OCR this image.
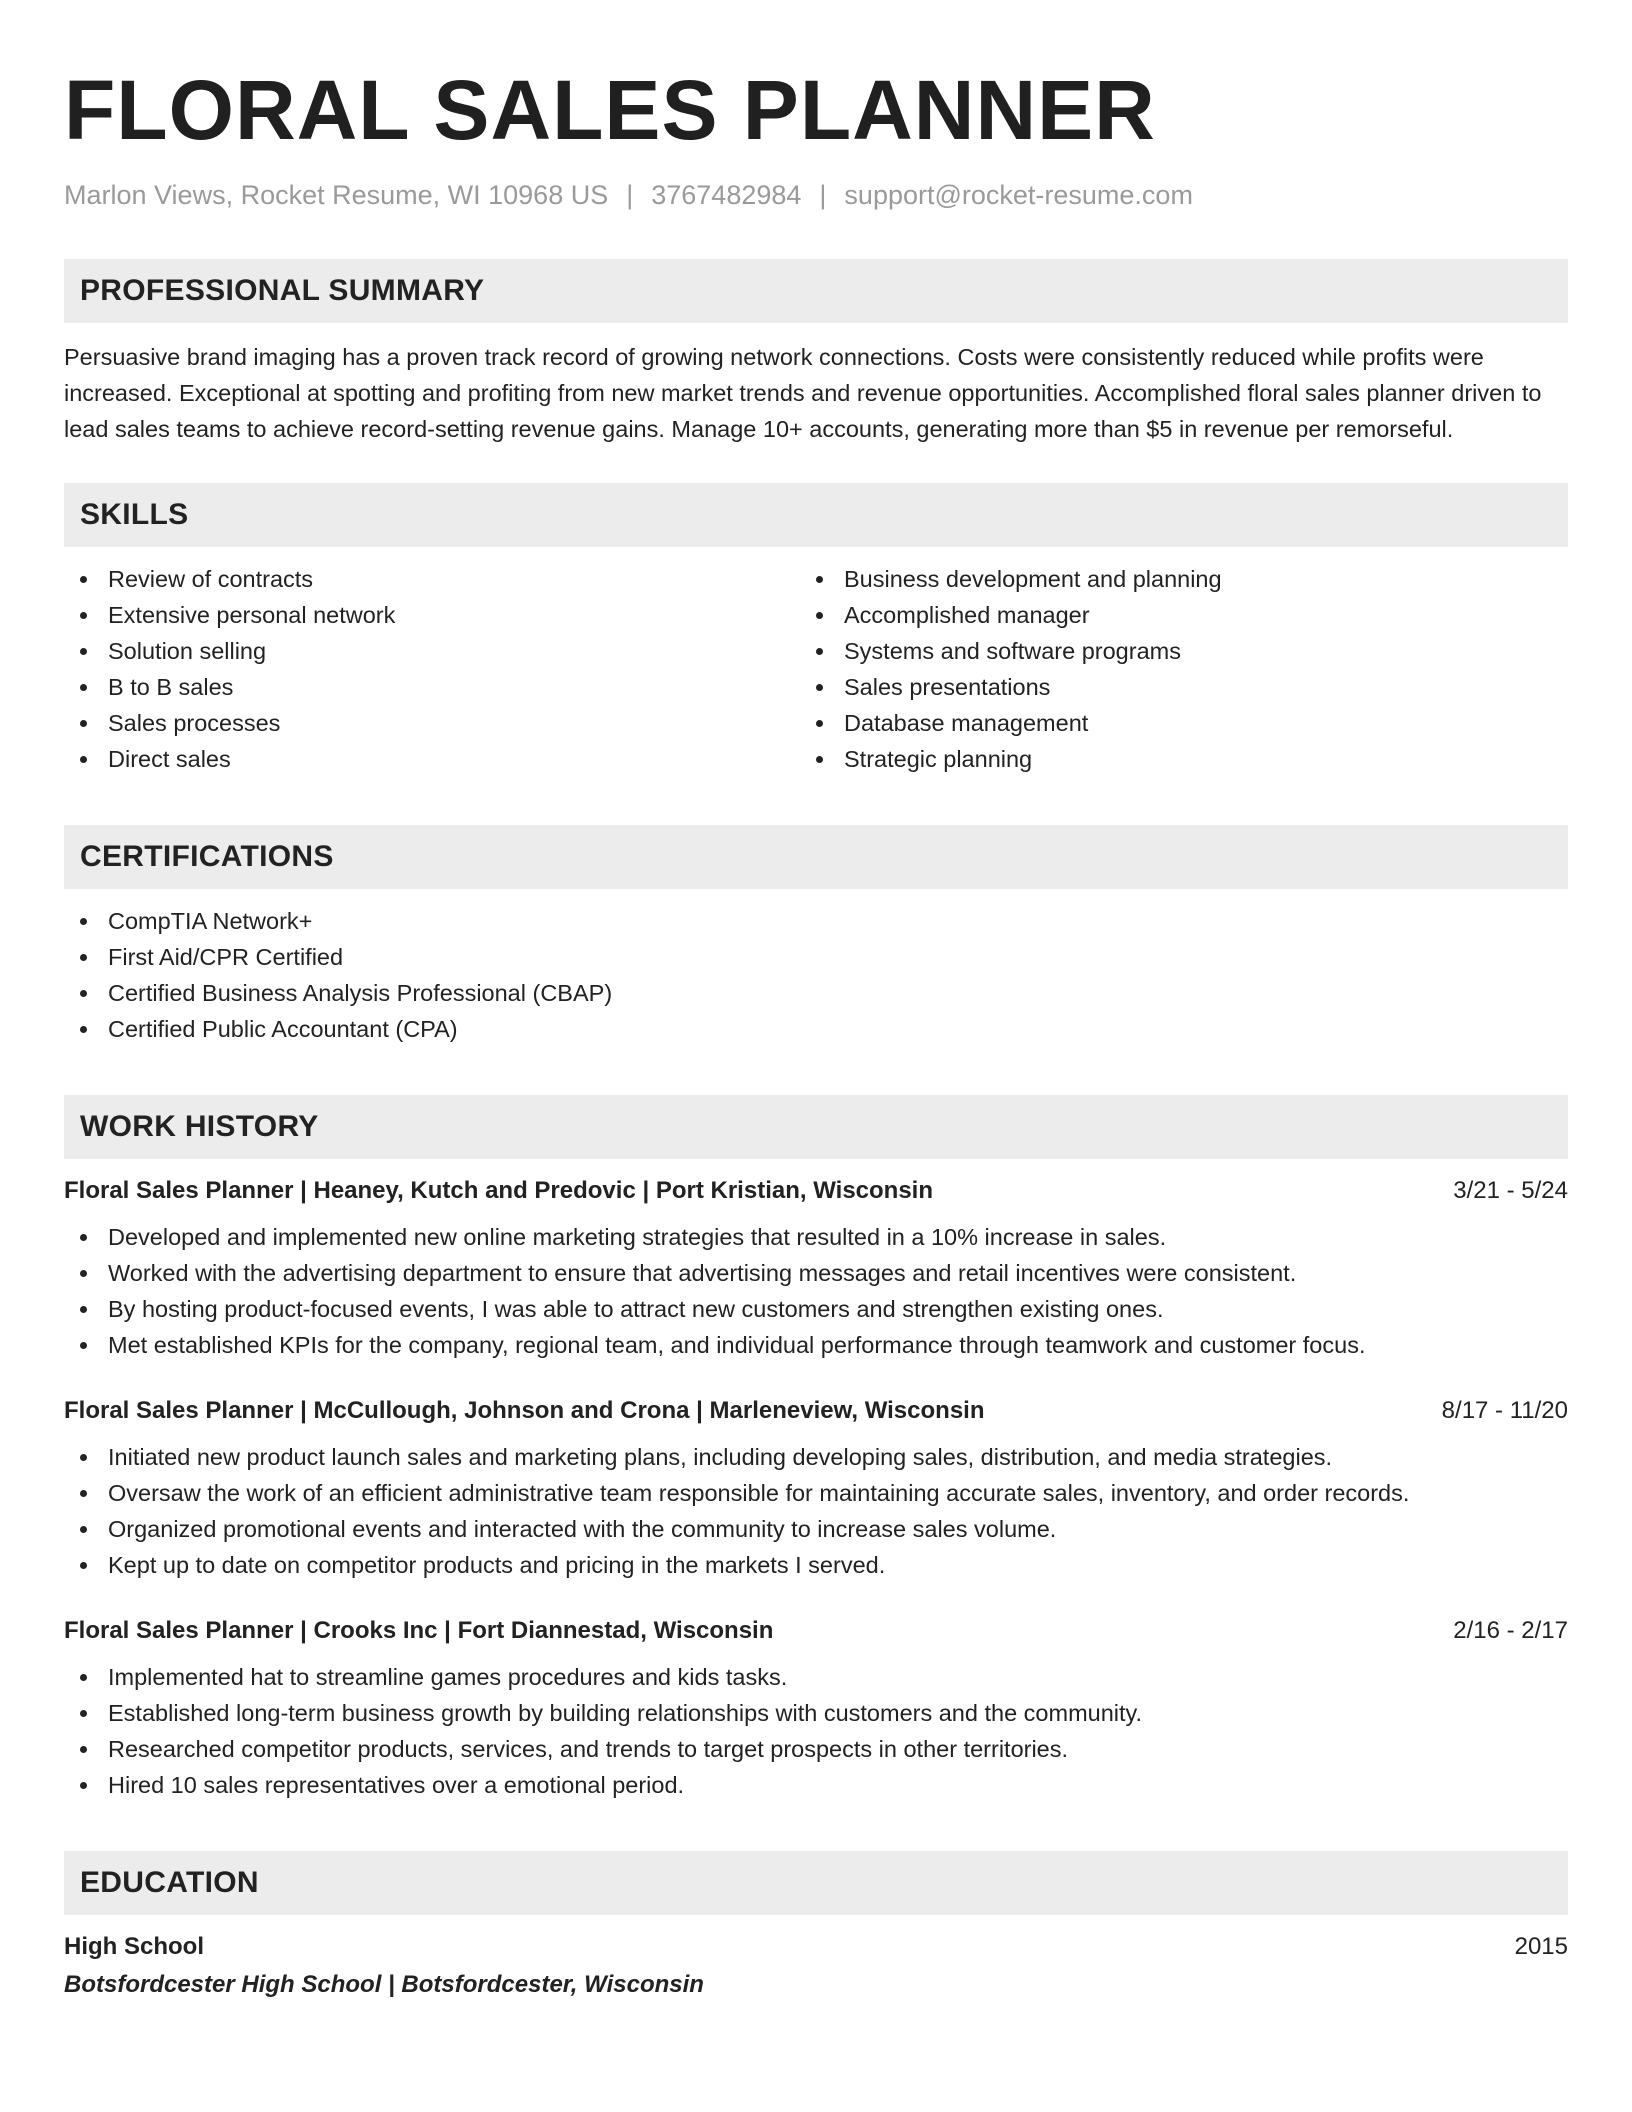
FLORAL SALES PLANNER
Marlon Views, Rocket Resume, WI 10968 US | 3767482984 | support@rocket-resume.com
PROFESSIONAL SUMMARY

Persuasive brand imaging has a proven track record of growing network connections. Costs were consistently reduced while profits were increased. Exceptional at spotting and profiting from new market trends and revenue opportunities. Accomplished floral sales planner driven to lead sales teams to achieve record-setting revenue gains. Manage 10+ accounts, generating more than $5 in revenue per remorseful.

SKILLS
Review of contracts
Extensive personal network
Solution selling
B to B sales
Sales processes
Direct sales
Business development and planning
Accomplished manager
Systems and software programs
Sales presentations
Database management
Strategic planning
CERTIFICATIONS
CompTIA Network+
First Aid/CPR Certified
Certified Business Analysis Professional (CBAP)
Certified Public Accountant (CPA)
WORK HISTORY
Floral Sales Planner | Heaney, Kutch and Predovic | Port Kristian, Wisconsin	3/21 - 5/24
Developed and implemented new online marketing strategies that resulted in a 10% increase in sales.
Worked with the advertising department to ensure that advertising messages and retail incentives were consistent.
By hosting product-focused events, I was able to attract new customers and strengthen existing ones.
Met established KPIs for the company, regional team, and individual performance through teamwork and customer focus.
Floral Sales Planner | McCullough, Johnson and Crona | Marleneview, Wisconsin	8/17 - 11/20
Initiated new product launch sales and marketing plans, including developing sales, distribution, and media strategies.
Oversaw the work of an efficient administrative team responsible for maintaining accurate sales, inventory, and order records.
Organized promotional events and interacted with the community to increase sales volume.
Kept up to date on competitor products and pricing in the markets I served.
Floral Sales Planner | Crooks Inc | Fort Diannestad, Wisconsin	2/16 - 2/17
Implemented hat to streamline games procedures and kids tasks.
Established long-term business growth by building relationships with customers and the community.
Researched competitor products, services, and trends to target prospects in other territories.
Hired 10 sales representatives over a emotional period.
EDUCATION
High School	2015
Botsfordcester High School | Botsfordcester, Wisconsin
